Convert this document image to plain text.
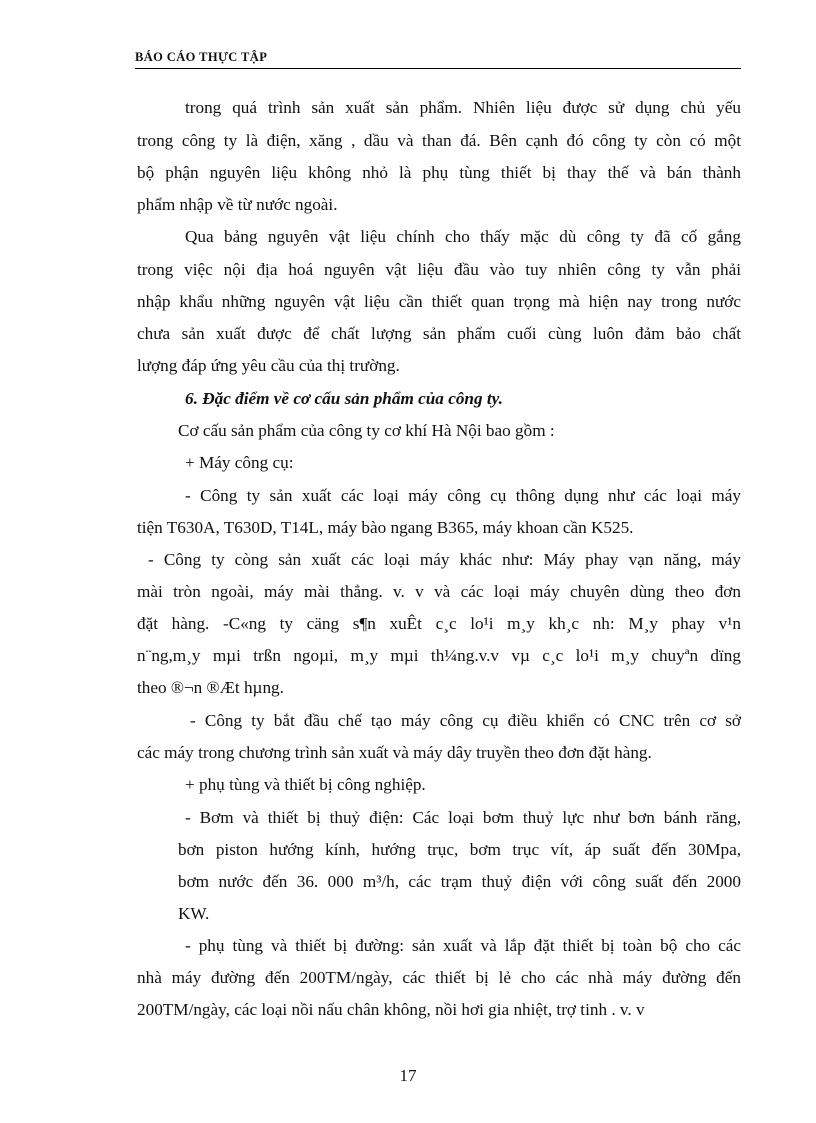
BÁO CÁO THỰC TẬP
trong quá trình sản xuất sản phẩm. Nhiên liệu được sử dụng chủ yếu
trong công ty là điện, xăng , dầu và than đá. Bên cạnh đó công ty còn có một
bộ phận nguyên liệu không nhỏ là phụ tùng thiết bị thay thế và bán thành
phẩm nhập về từ nước ngoài.
Qua bảng nguyên vật liệu chính cho thấy mặc dù công ty đã cố gắng
trong việc nội địa hoá nguyên vật liệu đầu vào tuy nhiên công ty vẫn phải
nhập khẩu những nguyên vật liệu cần thiết quan trọng mà hiện nay trong nước
chưa sản xuất được để chất lượng sản phẩm cuối cùng luôn đảm bảo chất
lượng đáp ứng yêu cầu của thị trường.
6. Đặc điểm về cơ cấu sản phẩm của công ty.
Cơ cấu sản phẩm của công ty cơ khí Hà Nội bao gồm :
+ Máy công cụ:
- Công ty sản xuất các loại máy công cụ thông dụng như các loại máy
tiện T630A, T630D, T14L, máy bào ngang B365, máy khoan cần K525.
- Công ty còng sản xuất các loại máy khác như: Máy phay vạn năng, máy
mài tròn ngoài, máy mài thẳng. v. v và các loại máy chuyên dùng theo đơn
đặt hàng. -C«ng ty cäng s¶n xuÊt c¸c lo¹i m¸y kh¸c nh: M¸y phay v¹n
n¨ng,m¸y mµi trßn ngoµi, m¸y mµi th¼ng.v.v vµ c¸c lo¹i m¸y chuyªn dïng
theo ®¬n ®Æt hµng.
- Công ty bắt đầu chế tạo máy công cụ điều khiển có CNC trên cơ sở
các máy trong chương trình sản xuất và máy dây truyền theo đơn đặt hàng.
+ phụ tùng và thiết bị công nghiệp.
- Bơm và thiết bị thuỷ điện: Các loại bơm thuỷ lực như bơn bánh răng,
bơn piston hướng kính, hướng trục, bơm trục vít, áp suất đến 30Mpa,
bơm nước đến 36. 000 m³/h, các trạm thuỷ điện với công suất đến 2000
KW.
- phụ tùng và thiết bị đường: sản xuất và lắp đặt thiết bị toàn bộ cho các
nhà máy đường đến 200TM/ngày, các thiết bị lẻ cho các nhà máy đường đến
200TM/ngày, các loại nồi nấu chân không, nồi hơi gia nhiệt, trợ tinh . v. v
17
